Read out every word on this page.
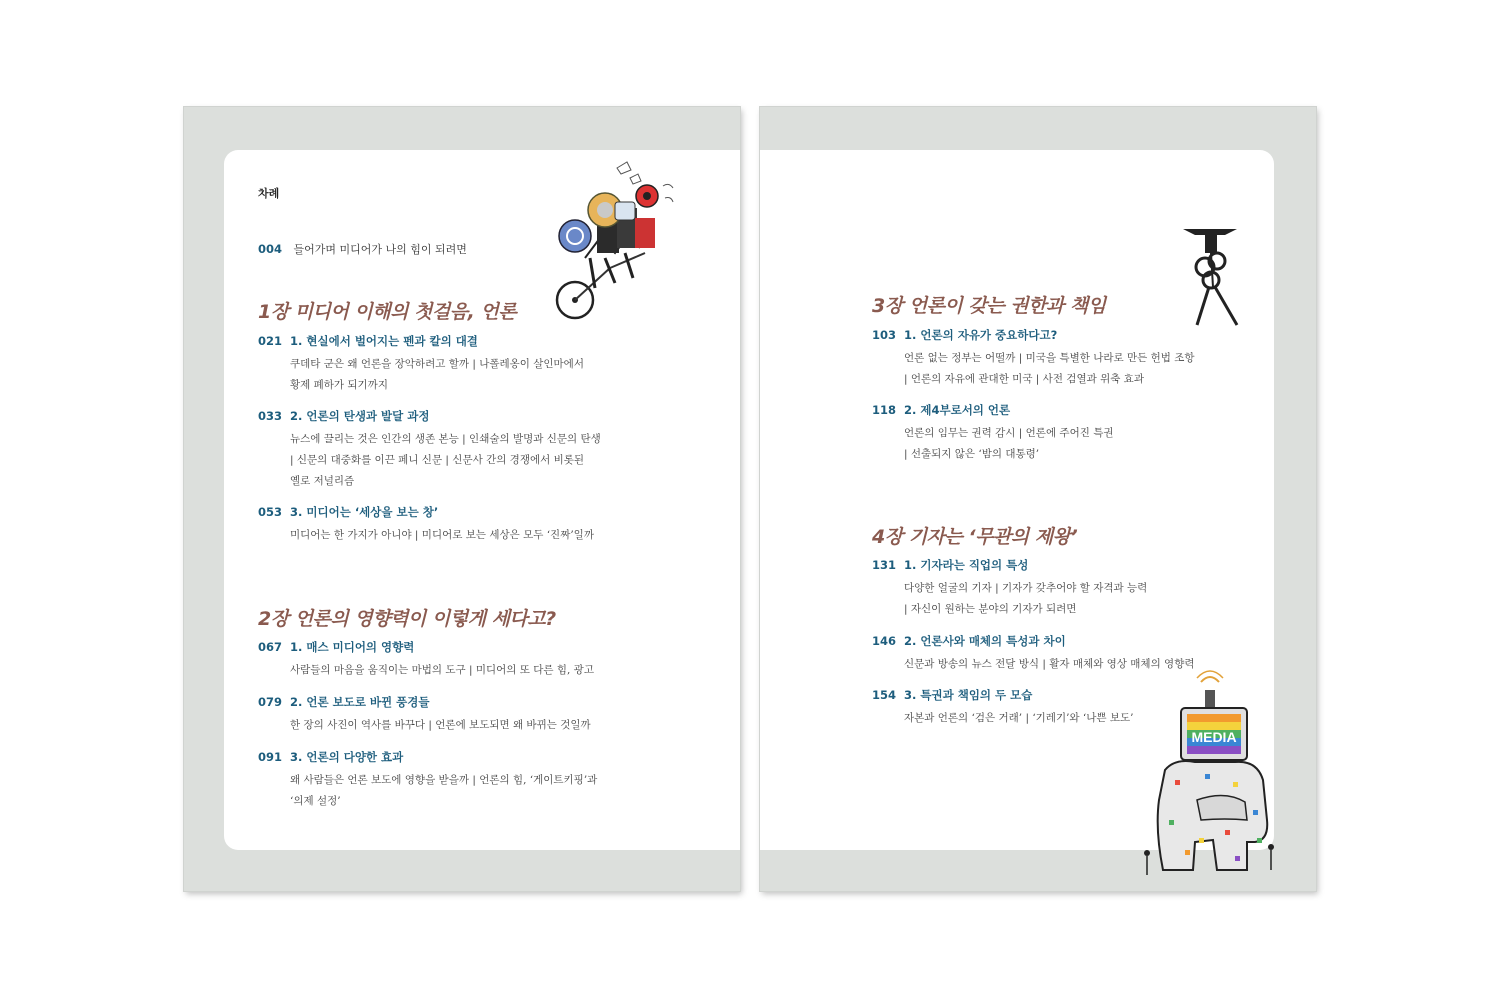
차례
004 들어가며 미디어가 나의 힘이 되려면
1장 미디어 이해의 첫걸음, 언론
021 1. 현실에서 벌어지는 펜과 칼의 대결
쿠데타 군은 왜 언론을 장악하려고 할까 | 나폴레옹이 살인마에서
황제 폐하가 되기까지
033 2. 언론의 탄생과 발달 과정
뉴스에 끌리는 것은 인간의 생존 본능 | 인쇄술의 발명과 신문의 탄생
| 신문의 대중화를 이끈 페니 신문 | 신문사 간의 경쟁에서 비롯된
옐로 저널리즘
053 3. 미디어는 ‘세상을 보는 창’
미디어는 한 가지가 아니야 | 미디어로 보는 세상은 모두 ‘진짜’일까
2장 언론의 영향력이 이렇게 세다고?
067 1. 매스 미디어의 영향력
사람들의 마음을 움직이는 마법의 도구 | 미디어의 또 다른 힘, 광고
079 2. 언론 보도로 바뀐 풍경들
한 장의 사진이 역사를 바꾸다 | 언론에 보도되면 왜 바뀌는 것일까
091 3. 언론의 다양한 효과
왜 사람들은 언론 보도에 영향을 받을까 | 언론의 힘, ‘게이트키핑’과
‘의제 설정’
3장 언론이 갖는 권한과 책임
103 1. 언론의 자유가 중요하다고?
언론 없는 정부는 어떨까 | 미국을 특별한 나라로 만든 헌법 조항
| 언론의 자유에 관대한 미국 | 사전 검열과 위축 효과
118 2. 제4부로서의 언론
언론의 임무는 권력 감시 | 언론에 주어진 특권
| 선출되지 않은 ‘밤의 대통령’
4장 기자는 ‘무관의 제왕’
131 1. 기자라는 직업의 특성
다양한 얼굴의 기자 | 기자가 갖추어야 할 자격과 능력
| 자신이 원하는 분야의 기자가 되려면
146 2. 언론사와 매체의 특성과 차이
신문과 방송의 뉴스 전달 방식 | 활자 매체와 영상 매체의 영향력
154 3. 특권과 책임의 두 모습
자본과 언론의 ‘검은 거래’ | ‘기레기’와 ‘나쁜 보도’
MEDIA
